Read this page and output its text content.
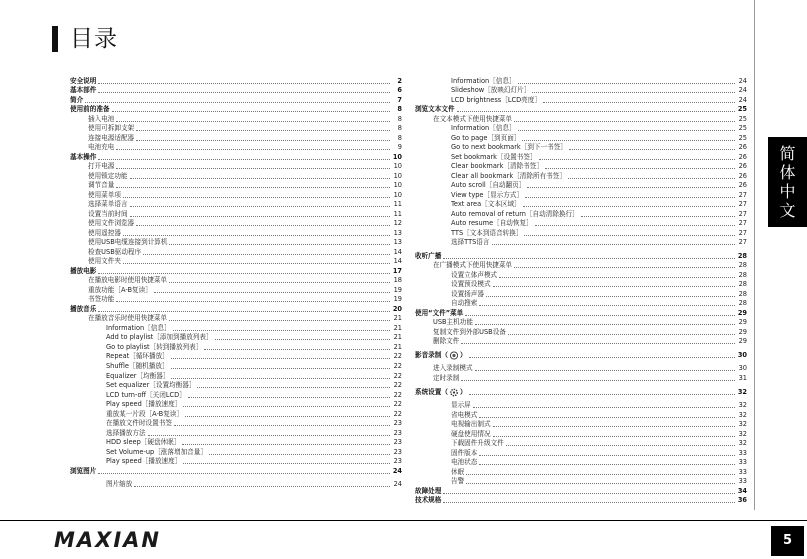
目录
安全说明	2
基本部件	6
简介	7
使用前的准备	8
插入电池	8
使用可拆卸支架	8
连接电源适配器	8
电池充电	9
基本操作	10
打开电源	10
使用锁定功能	10
调节音量	10
使用菜单项	10
选择菜单语言	11
设置当前时间	11
使用文件浏览器	12
使用遥控器	13
使用USB电缆连接到计算机	13
检查USB驱动程序	14
使用文件夹	14
播放电影	17
在播放电影时使用快捷菜单	18
重放功能［A-B复读］	19
书签功能	19
播放音乐	20
在播放音乐时使用快捷菜单	21
Information［信息］	21
Add to playlist［添加到播放列表］	21
Go to playlist［转到播放列表］	21
Repeat［循环播放］	22
Shuffle［随机播放］	22
Equalizer［均衡器］	22
Set equalizer［设置均衡器］	22
LCD turn-off［关闭LCD］	22
Play speed［播放速度］	22
重放某一片段［A-B复读］	22
在播放文件时设置书签	23
选择播放方法	23
HDD sleep［硬盘休眠］	23
Set Volume-up［涨落增加音量］	23
Play speed［播放速度］	23
浏览图片	24
图片缩放	24
Information［信息］	24
Slideshow［放映幻灯片］	24
LCD brightness［LCD亮度］	24
浏览文本文件	25
在文本模式下使用快捷菜单	25
Information［信息］	25
Go to page［到页面］	25
Go to next bookmark［到下一书签］	26
Set bookmark［设置书签］	26
Clear bookmark［清除书签］	26
Clear all bookmark［清除所有书签］	26
Auto scroll［自动翻页］	26
View type［显示方式］	27
Text area［文本区域］	27
Auto removal of return［自动清除换行］	27
Auto resume［自动恢复］	27
TTS［文本到语音转换］	27
选择TTS语言	27
收听广播	28
在广播模式下使用快捷菜单	28
设置立体声模式	28
设置预设模式	28
设置扬声器	28
自动搜索	28
使用“文件”菜单	29
USB主机功能	29
复制文件到外部USB设备	29
删除文件	29
影音录制（ ）	30
进入录制模式	30
定时录制	31
系统设置（ ）	32
显示屏	32
省电模式	32
电视输出制式	32
硬盘使用情况	32
下载固件升级文件	32
固件版本	33
电池状态	33
休眠	33
告警	33
故障处理	34
技术规格	36
简
体
中
文
MAXIAN	5
